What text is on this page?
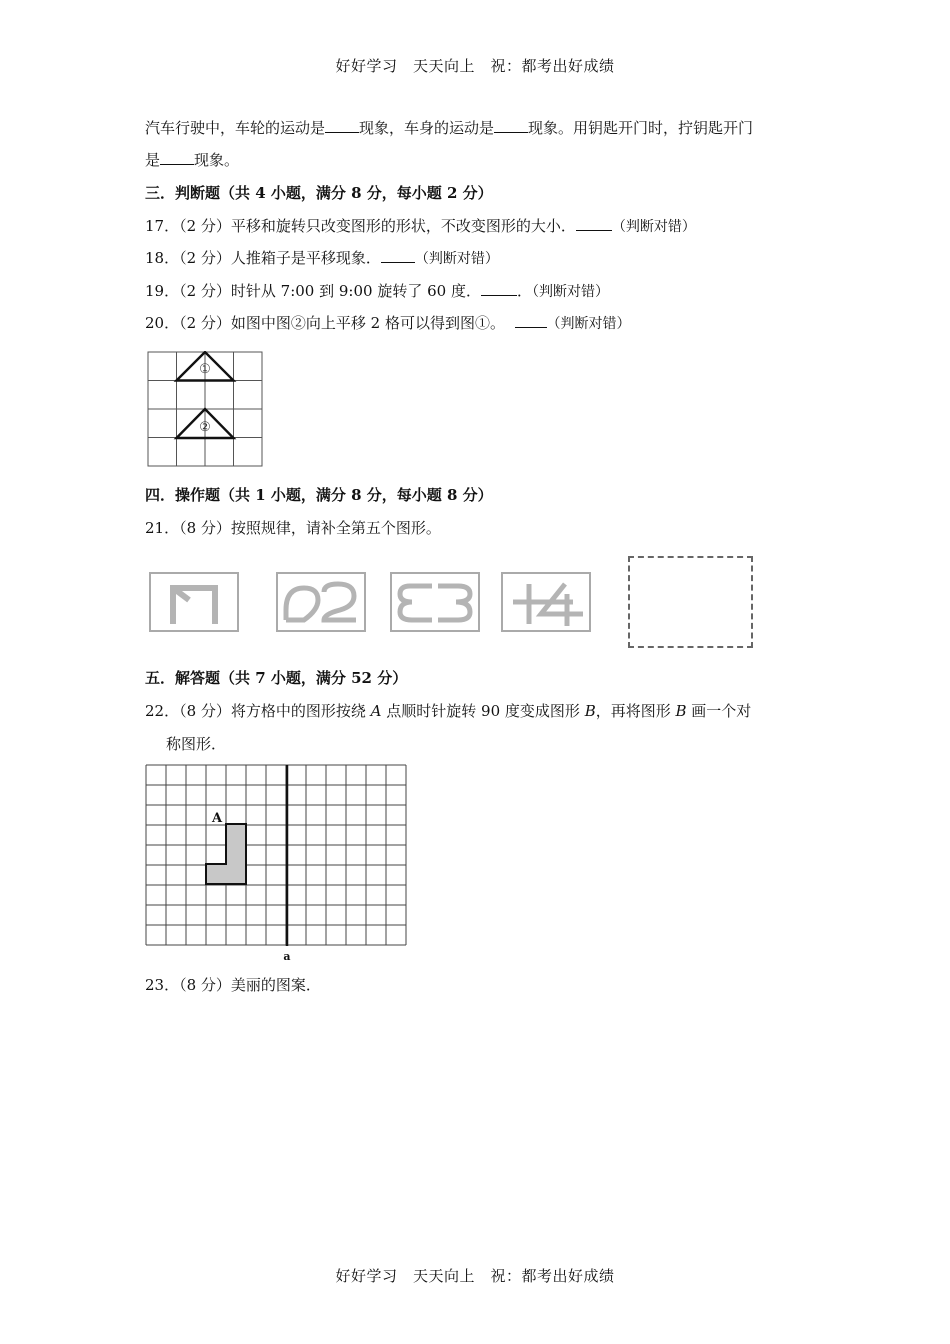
好好学习　天天向上　祝：都考出好成绩
汽车行驶中，车轮的运动是 现象，车身的运动是 现象。用钥匙开门时，拧钥匙开门
是 现象。
三．判断题（共 4 小题，满分 8 分，每小题 2 分）
17．（2 分）平移和旋转只改变图形的形状，不改变图形的大小．	（判断对错）
18．（2 分）人推箱子是平移现象． （判断对错）
19．（2 分）时针从 7:00 到 9:00 旋转了 60 度． ．（判断对错）
20．（2 分）如图中图②向上平移 2 格可以得到图①。	（判断对错）
①
②
四．操作题（共 1 小题，满分 8 分，每小题 8 分）
21．（8 分）按照规律，请补全第五个图形。
五．解答题（共 7 小题，满分 52 分）
22．（8 分）将方格中的图形按绕 A 点顺时针旋转 90 度变成图形 B，再将图形 B 画一个对
称图形．
A
a
23．（8 分）美丽的图案．
好好学习　天天向上　祝：都考出好成绩
